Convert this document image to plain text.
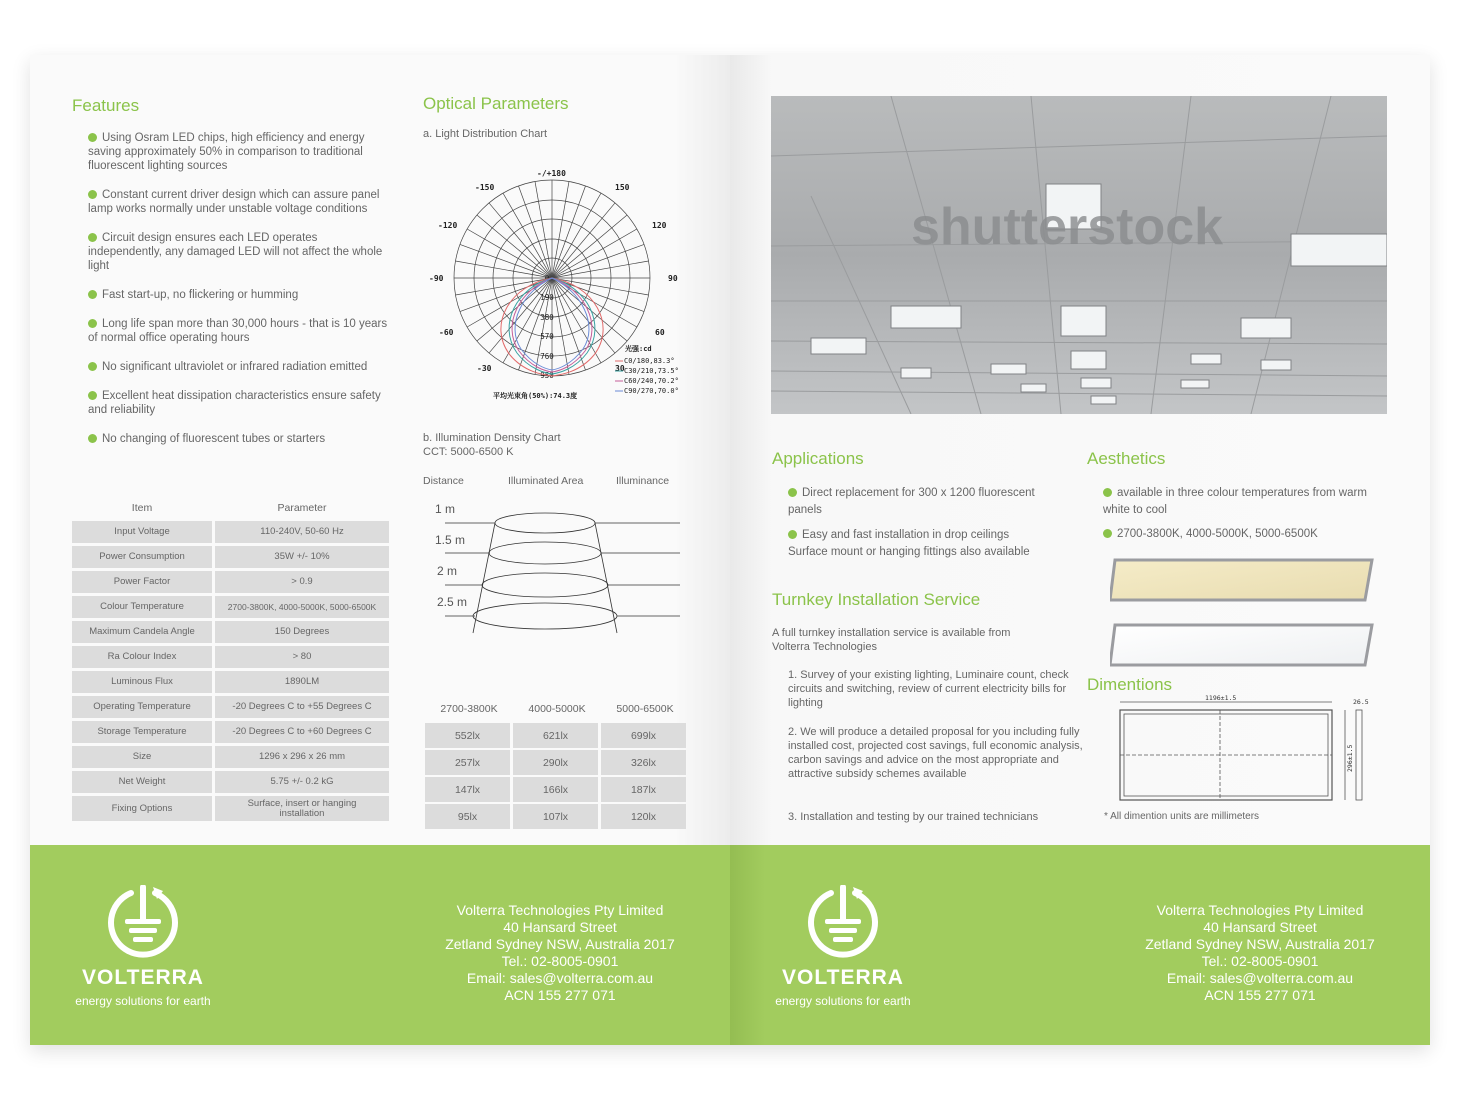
Features
Using Osram LED chips, high efficiency and energy saving approximately 50% in comparison to traditional fluorescent lighting sources
Constant current driver design which can assure panel lamp works normally under unstable voltage conditions
Circuit design ensures each LED operates independently, any damaged LED will not affect the whole light
Fast start-up, no flickering or humming
Long life span more than 30,000 hours - that is 10 years of normal office operating hours
No significant ultraviolet or infrared radiation emitted
Excellent heat dissipation characteristics ensure safety and reliability
No changing of fluorescent tubes or starters
Item	Parameter
Input Voltage	110-240V, 50-60 Hz
Power Consumption	35W +/- 10%
Power Factor	> 0.9
Colour Temperature	2700-3800K, 4000-5000K, 5000-6500K
Maximum Candela Angle	150 Degrees
Ra Colour Index	> 80
Luminous Flux	1890LM
Operating Temperature	-20 Degrees C to +55 Degrees C
Storage Temperature	-20 Degrees C to +60 Degrees C
Size	1296 x 296 x 26 mm
Net Weight	5.75 +/- 0.2 kG
Fixing Options	Surface, insert or hanging installation
Optical Parameters
a. Light Distribution Chart
-/+180
-150	150
-120	120
-90	90
-60	60
-30	30
0
190
380
570
760
950
光强:cd
C0/180,83.3°
C30/210,73.5°
C60/240,70.2°
C90/270,70.0°
平均光束角(50%):74.3度
b. Illumination Density Chart
CCT: 5000-6500 K
Distance	Illuminated Area	Illuminance
1 m
1.5 m
2 m
2.5 m
2700-3800K	4000-5000K	5000-6500K
552lx	621lx	699lx
257lx	290lx	326lx
147lx	166lx	187lx
95lx	107lx	120lx
shutterstock
Applications
Direct replacement for 300 x 1200 fluorescent panels
Easy and fast installation in drop ceilings Surface mount or hanging fittings also available
Aesthetics
available in three colour temperatures from warm white to cool
2700-3800K, 4000-5000K, 5000-6500K
Turnkey Installation Service
A full turnkey installation service is available from Volterra Technologies
1. Survey of your existing lighting, Luminaire count, check circuits and switching, review of current electricity bills for lighting
2. We will produce a detailed proposal for you including fully installed cost, projected cost savings, full economic analysis, carbon savings and advice on the most appropriate and attractive subsidy schemes available
3. Installation and testing by our trained technicians
Dimentions
1196±1.5	26.5
296±1.5
* All dimention units are millimeters
VOLTERRA
energy solutions for earth
Volterra Technologies Pty Limited
40 Hansard Street
Zetland Sydney NSW, Australia 2017
Tel.: 02-8005-0901
Email: sales@volterra.com.au
ACN 155 277 071
VOLTERRA
energy solutions for earth
Volterra Technologies Pty Limited
40 Hansard Street
Zetland Sydney NSW, Australia 2017
Tel.: 02-8005-0901
Email: sales@volterra.com.au
ACN 155 277 071
